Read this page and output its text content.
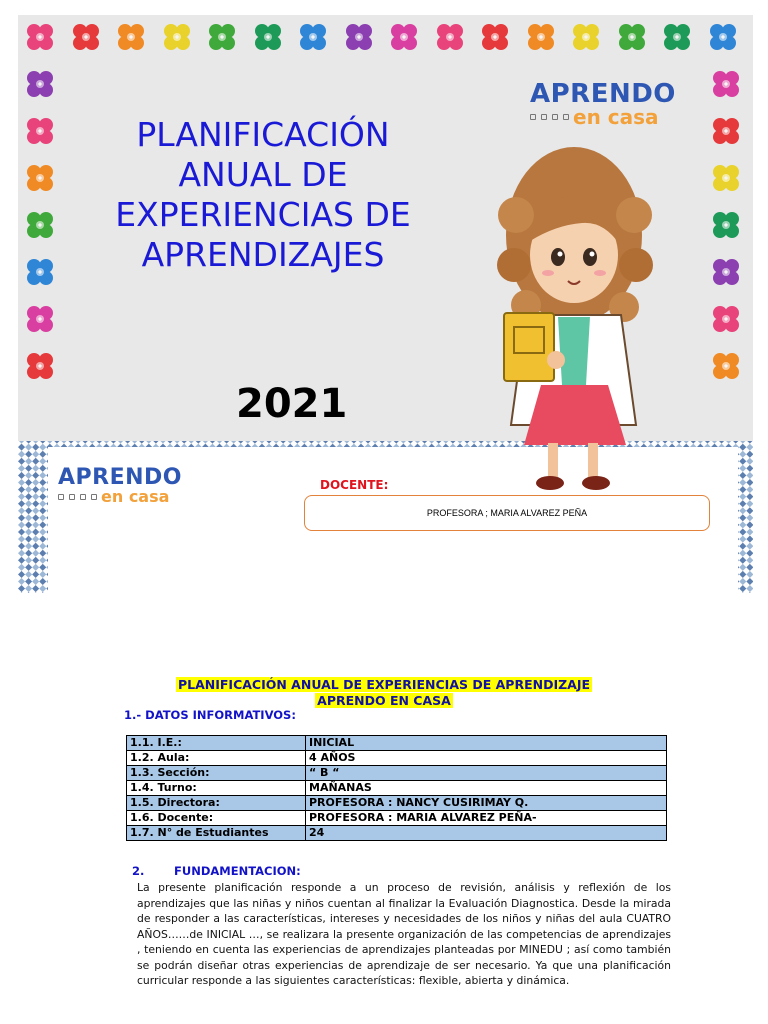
PLANIFICACIÓN
ANUAL DE
EXPERIENCIAS DE
APRENDIZAJES
2021
APRENDO
en casa
APRENDO
en casa
DOCENTE:
PROFESORA ; MARIA ALVAREZ PEÑA
PLANIFICACIÓN ANUAL DE EXPERIENCIAS DE APRENDIZAJE
APRENDO EN CASA
1.- DATOS INFORMATIVOS:
1.1. I.E.:	INICIAL
1.2. Aula:	4 AÑOS
1.3. Sección:	“ B “
1.4. Turno:	MAÑANAS
1.5. Directora:	PROFESORA : NANCY CUSIRIMAY Q.
1.6. Docente:	PROFESORA : MARIA ALVAREZ PEÑA-
1.7. N° de Estudiantes	24
2.	FUNDAMENTACION:

La presente planificación responde a un proceso de revisión, análisis y reflexión de los aprendizajes que las niñas y niños cuentan al finalizar la Evaluación Diagnostica. Desde la mirada de responder a las características, intereses y necesidades de los niños y niñas del aula CUATRO AÑOS……de INICIAL …, se realizara la presente organización de las competencias de aprendizajes , teniendo en cuenta las experiencias de aprendizajes planteadas por MINEDU ; así como también se podrán diseñar otras experiencias de aprendizaje de ser necesario. Ya que una planificación curricular responde a las siguientes características: flexible, abierta y dinámica.
